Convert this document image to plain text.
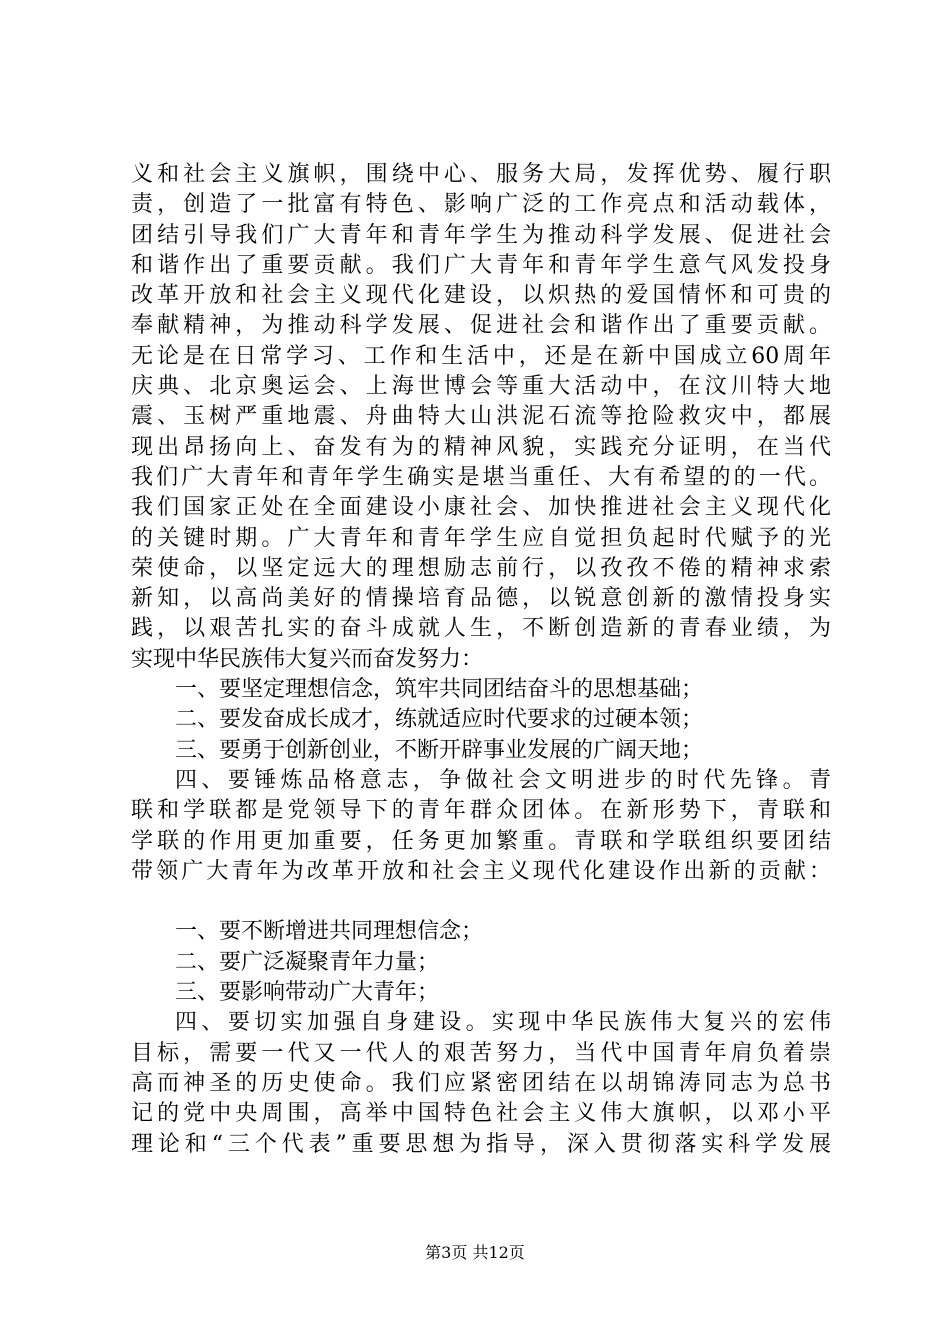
义和社会主义旗帜，围绕中心、服务大局，发挥优势、履行职
责，创造了一批富有特色、影响广泛的工作亮点和活动载体，
团结引导我们广大青年和青年学生为推动科学发展、促进社会
和谐作出了重要贡献。我们广大青年和青年学生意气风发投身
改革开放和社会主义现代化建设，以炽热的爱国情怀和可贵的
奉献精神，为推动科学发展、促进社会和谐作出了重要贡献。
无论是在日常学习、工作和生活中，还是在新中国成立60周年
庆典、北京奥运会、上海世博会等重大活动中，在汶川特大地
震、玉树严重地震、舟曲特大山洪泥石流等抢险救灾中，都展
现出昂扬向上、奋发有为的精神风貌，实践充分证明，在当代
我们广大青年和青年学生确实是堪当重任、大有希望的的一代。
我们国家正处在全面建设小康社会、加快推进社会主义现代化
的关键时期。广大青年和青年学生应自觉担负起时代赋予的光
荣使命，以坚定远大的理想励志前行，以孜孜不倦的精神求索
新知，以高尚美好的情操培育品德，以锐意创新的激情投身实
践，以艰苦扎实的奋斗成就人生，不断创造新的青春业绩，为
实现中华民族伟大复兴而奋发努力：
一、要坚定理想信念，筑牢共同团结奋斗的思想基础；
二、要发奋成长成才，练就适应时代要求的过硬本领；
三、要勇于创新创业，不断开辟事业发展的广阔天地；
四、要锤炼品格意志，争做社会文明进步的时代先锋。青
联和学联都是党领导下的青年群众团体。在新形势下，青联和
学联的作用更加重要，任务更加繁重。青联和学联组织要团结
带领广大青年为改革开放和社会主义现代化建设作出新的贡献：
一、要不断增进共同理想信念；
二、要广泛凝聚青年力量；
三、要影响带动广大青年；
四、要切实加强自身建设。实现中华民族伟大复兴的宏伟
目标，需要一代又一代人的艰苦努力，当代中国青年肩负着崇
高而神圣的历史使命。我们应紧密团结在以胡锦涛同志为总书
记的党中央周围，高举中国特色社会主义伟大旗帜，以邓小平
理论和“三个代表”重要思想为指导，深入贯彻落实科学发展
第3页 共12页
